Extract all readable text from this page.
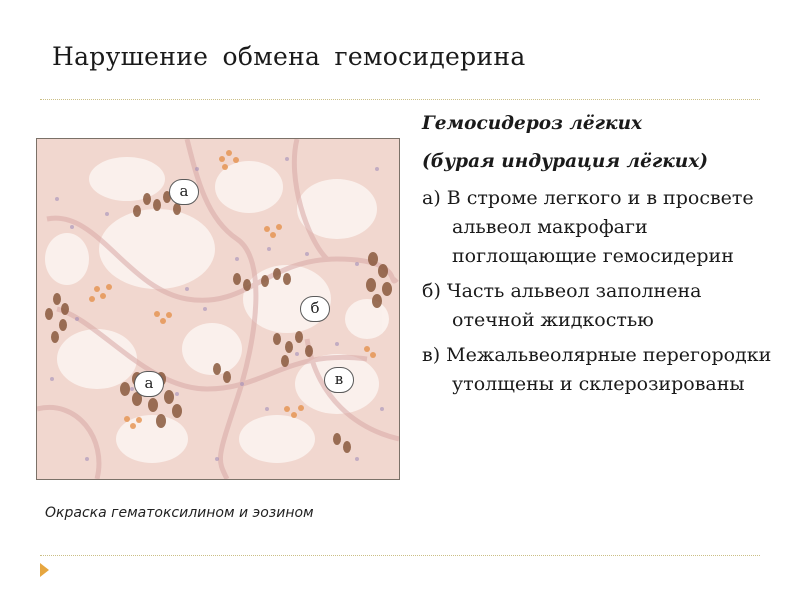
Нарушение обмена гемосидерина
а
б
а	в
Окраска гематоксилином и эозином
Гемосидероз лёгких
(бурая индурация лёгких)
а) В строме легкого и в просвете альвеол макрофаги поглощающие гемосидерин
б) Часть альвеол заполнена отечной жидкостью
в) Межальвеолярные перегородки утолщены и склерозированы
